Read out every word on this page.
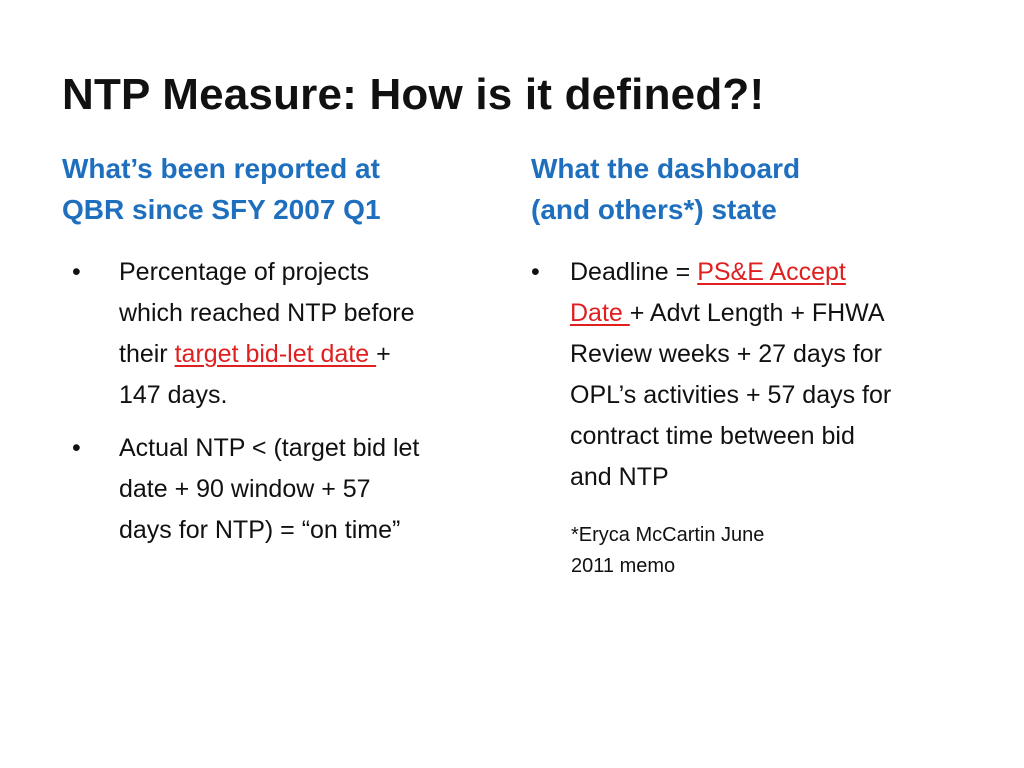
NTP Measure: How is it defined?!
What’s been reported at
QBR since SFY 2007 Q1
What the dashboard
(and others*) state
• Percentage of projects
which reached NTP before
their target bid-let date +
147 days.
• Actual NTP < (target bid let
date + 90 window + 57
days for NTP) = “on time”
• Deadline = PS&E Accept
Date + Advt Length + FHWA
Review weeks + 27 days for
OPL’s activities + 57 days for
contract time between bid
and NTP

*Eryca McCartin June
2011 memo
